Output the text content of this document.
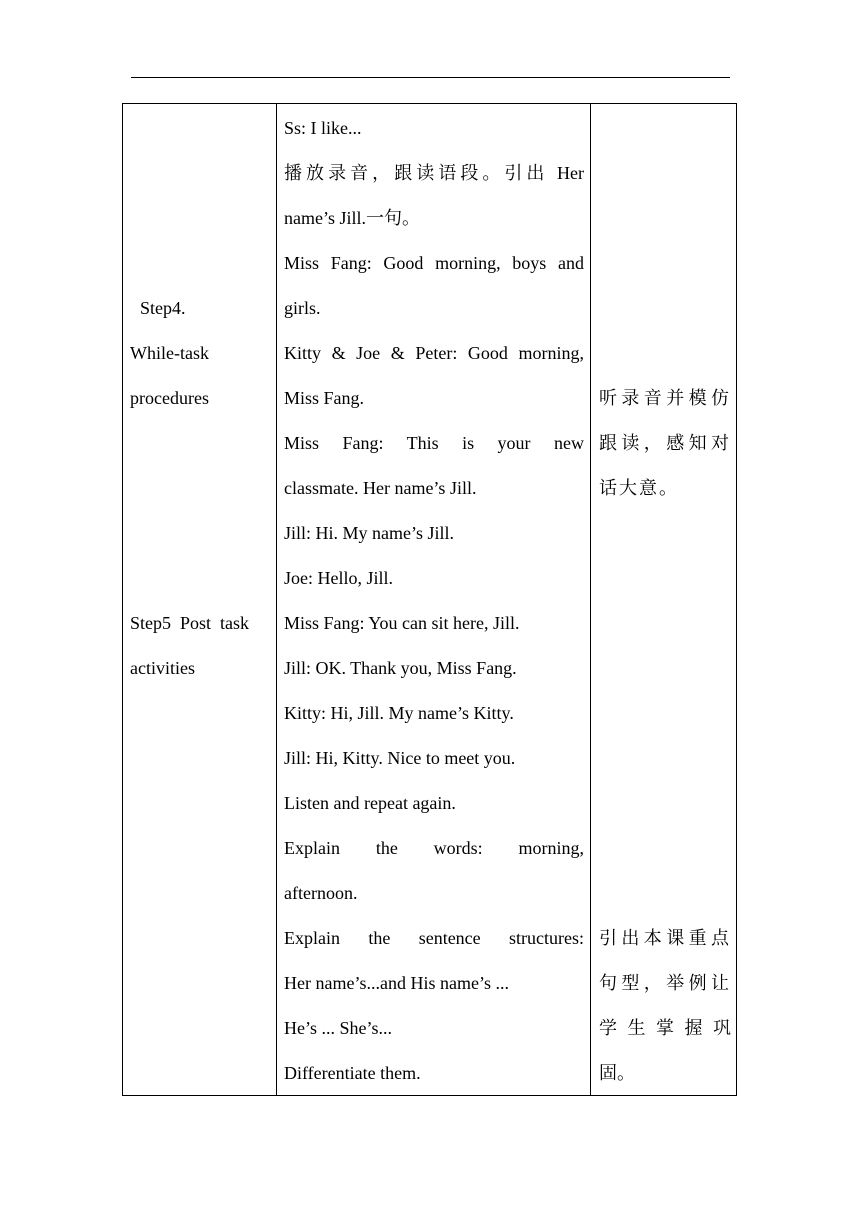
Step4.
While-task
procedures
Step5  Post  task
activities
Ss: I like...
播放录音，跟读语段。引出 Her
name’s Jill.一句。
Miss Fang: Good morning, boys and
girls.
Kitty & Joe & Peter: Good morning,
Miss Fang.
Miss   Fang:   This   is   your   new
classmate. Her name’s Jill.
Jill: Hi. My name’s Jill.
Joe: Hello, Jill.
Miss Fang: You can sit here, Jill.
Jill: OK. Thank you, Miss Fang.
Kitty: Hi, Jill. My name’s Kitty.
Jill: Hi, Kitty. Nice to meet you.
Listen and repeat again.
Explain    the    words:    morning,
afternoon.
Explain   the   sentence   structures:
Her name’s...and His name’s ...
He’s ... She’s...
Differentiate them.
听录音并模仿
跟读，感知对
话大意。
引出本课重点
句型，举例让
学 生 掌 握 巩
固。
